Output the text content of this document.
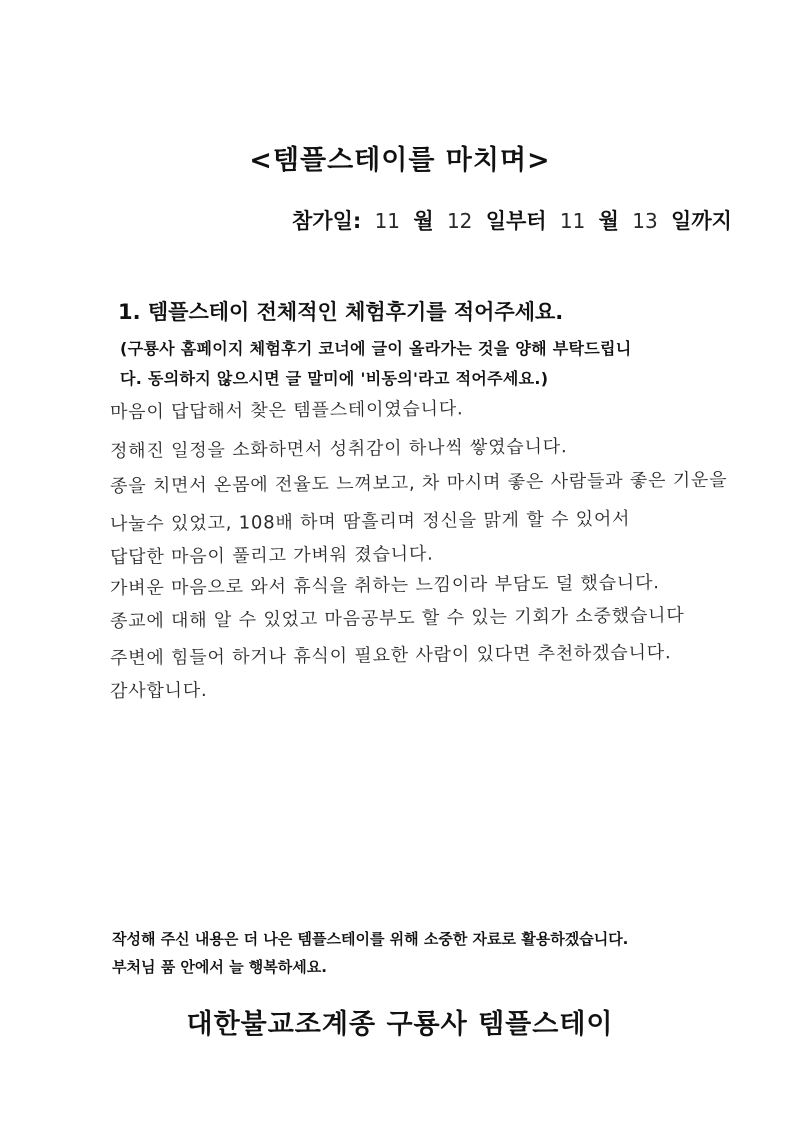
<템플스테이를 마치며>
참가일: 11 월 12 일부터 11 월 13 일까지
1. 템플스테이 전체적인 체험후기를 적어주세요.
(구룡사 홈페이지 체험후기 코너에 글이 올라가는 것을 양해 부탁드립니
다. 동의하지 않으시면 글 말미에 '비동의'라고 적어주세요.)
마음이 답답해서 찾은 템플스테이였습니다.
정해진 일정을 소화하면서 성취감이 하나씩 쌓였습니다.
종을 치면서 온몸에 전율도 느껴보고, 차 마시며 좋은 사람들과 좋은 기운을
나눌수 있었고, 108배 하며 땀흘리며 정신을 맑게 할 수 있어서
답답한 마음이 풀리고 가벼워 졌습니다.
가벼운 마음으로 와서 휴식을 취하는 느낌이라 부담도 덜 했습니다.
종교에 대해 알 수 있었고 마음공부도 할 수 있는 기회가 소중했습니다
주변에 힘들어 하거나 휴식이 필요한 사람이 있다면 추천하겠습니다.
감사합니다.
작성해 주신 내용은 더 나은 템플스테이를 위해 소중한 자료로 활용하겠습니다.
부처님 품 안에서 늘 행복하세요.
대한불교조계종 구룡사 템플스테이
